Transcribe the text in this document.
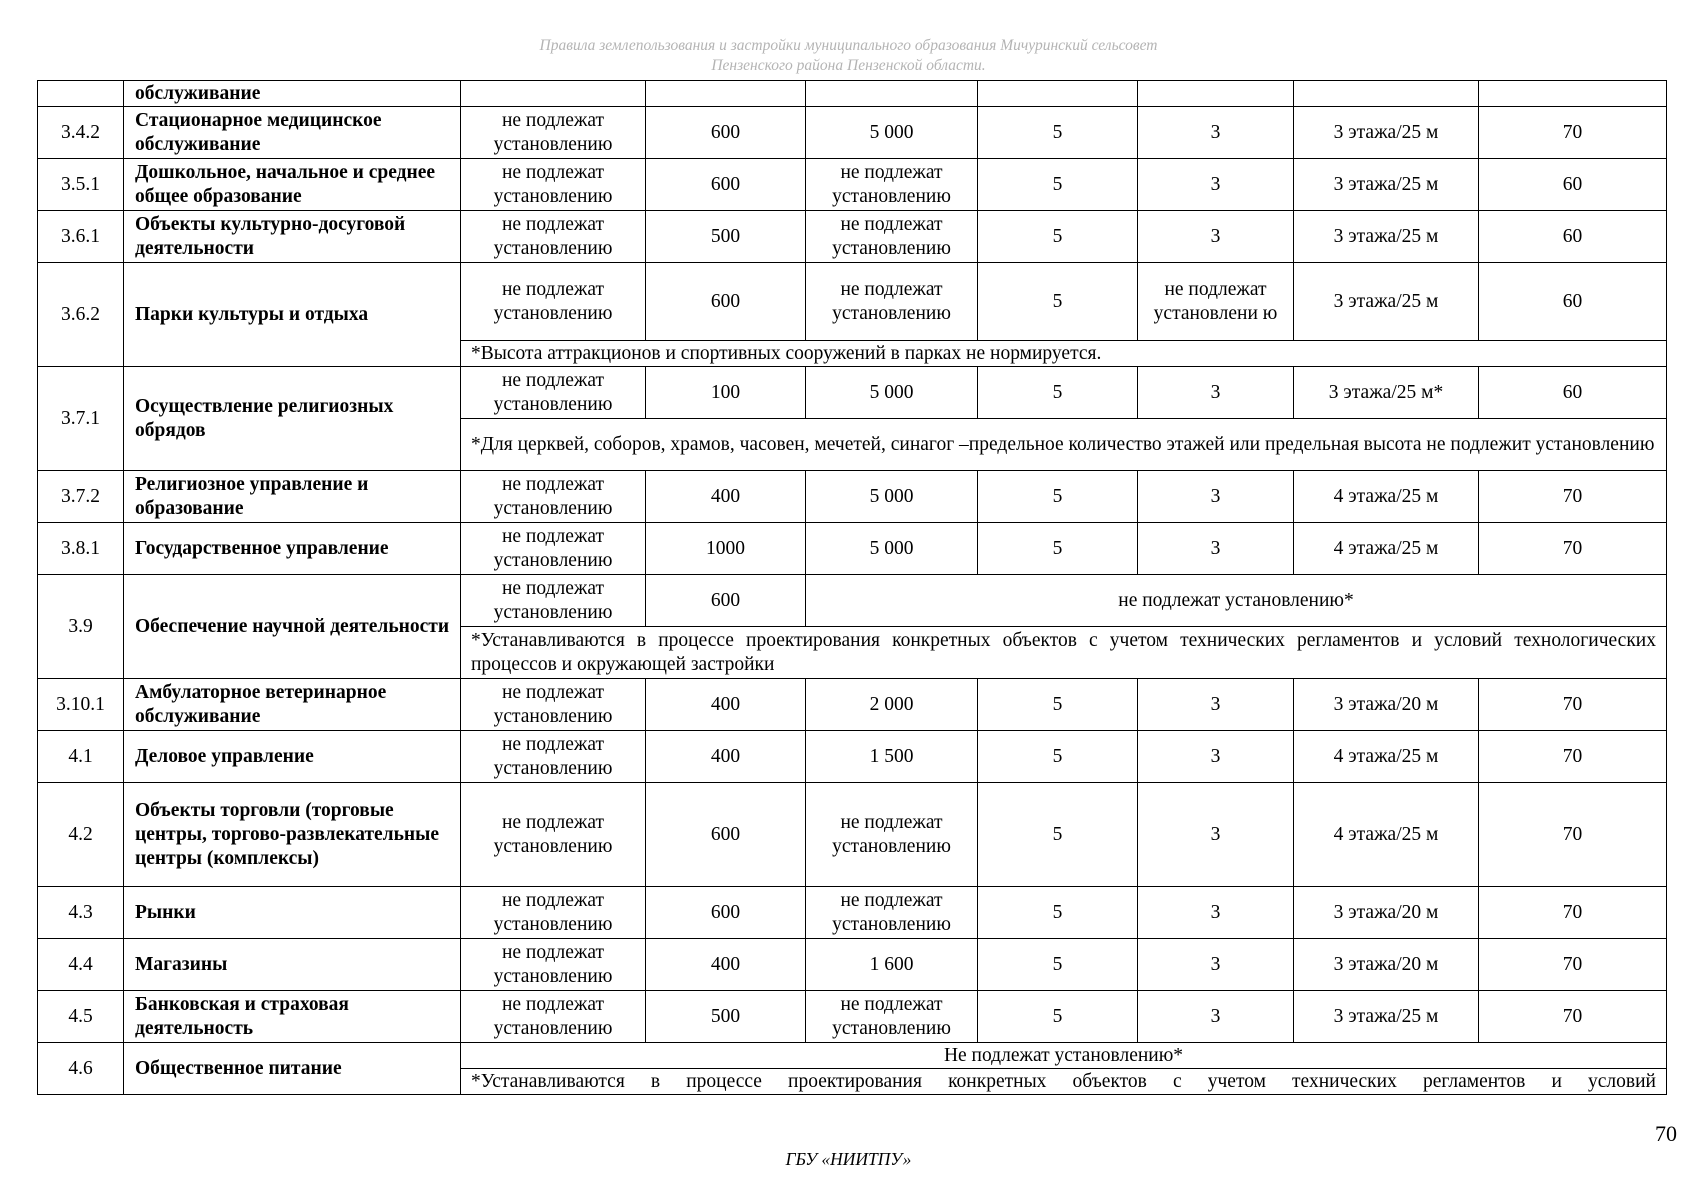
Правила землепользования и застройки муниципального образования Мичуринский сельсовет
Пензенского района Пензенской области.
	обслуживание							
3.4.2	Стационарное медицинское обслуживание	не подлежат установлению	600	5 000	5	3	3 этажа/25 м	70
3.5.1	Дошкольное, начальное и среднее общее образование	не подлежат установлению	600	не подлежат установлению	5	3	3 этажа/25 м	60
3.6.1	Объекты культурно-досуговой деятельности	не подлежат установлению	500	не подлежат установлению	5	3	3 этажа/25 м	60
3.6.2	Парки культуры и отдыха	не подлежат установлению	600	не подлежат установлению	5	не подлежат установлени ю	3 этажа/25 м	60
		*Высота аттракционов и спортивных сооружений в парках не нормируется.						
3.7.1	Осуществление религиозных обрядов	не подлежат установлению	100	5 000	5	3	3 этажа/25 м*	60
		*Для церквей, соборов, храмов, часовен, мечетей, синагог –предельное количество этажей или предельная высота не подлежит установлению						
3.7.2	Религиозное управление и образование	не подлежат установлению	400	5 000	5	3	4 этажа/25 м	70
3.8.1	Государственное управление	не подлежат установлению	1000	5 000	5	3	4 этажа/25 м	70
3.9	Обеспечение научной деятельности	не подлежат установлению	600	не подлежат установлению*				
		*Устанавливаются в процессе проектирования конкретных объектов с учетом технических регламентов и условий технологических процессов и окружающей застройки						
3.10.1	Амбулаторное ветеринарное обслуживание	не подлежат установлению	400	2 000	5	3	3 этажа/20 м	70
4.1	Деловое управление	не подлежат установлению	400	1 500	5	3	4 этажа/25 м	70
4.2	Объекты торговли (торговые центры, торгово-развлекательные центры (комплексы)	не подлежат установлению	600	не подлежат установлению	5	3	4 этажа/25 м	70
4.3	Рынки	не подлежат установлению	600	не подлежат установлению	5	3	3 этажа/20 м	70
4.4	Магазины	не подлежат установлению	400	1 600	5	3	3 этажа/20 м	70
4.5	Банковская и страховая деятельность	не подлежат установлению	500	не подлежат установлению	5	3	3 этажа/25 м	70
4.6	Общественное питание	Не подлежат установлению*						
		*Устанавливаются в процессе проектирования конкретных объектов с учетом технических регламентов и условий						
70
ГБУ «НИИТПУ»
